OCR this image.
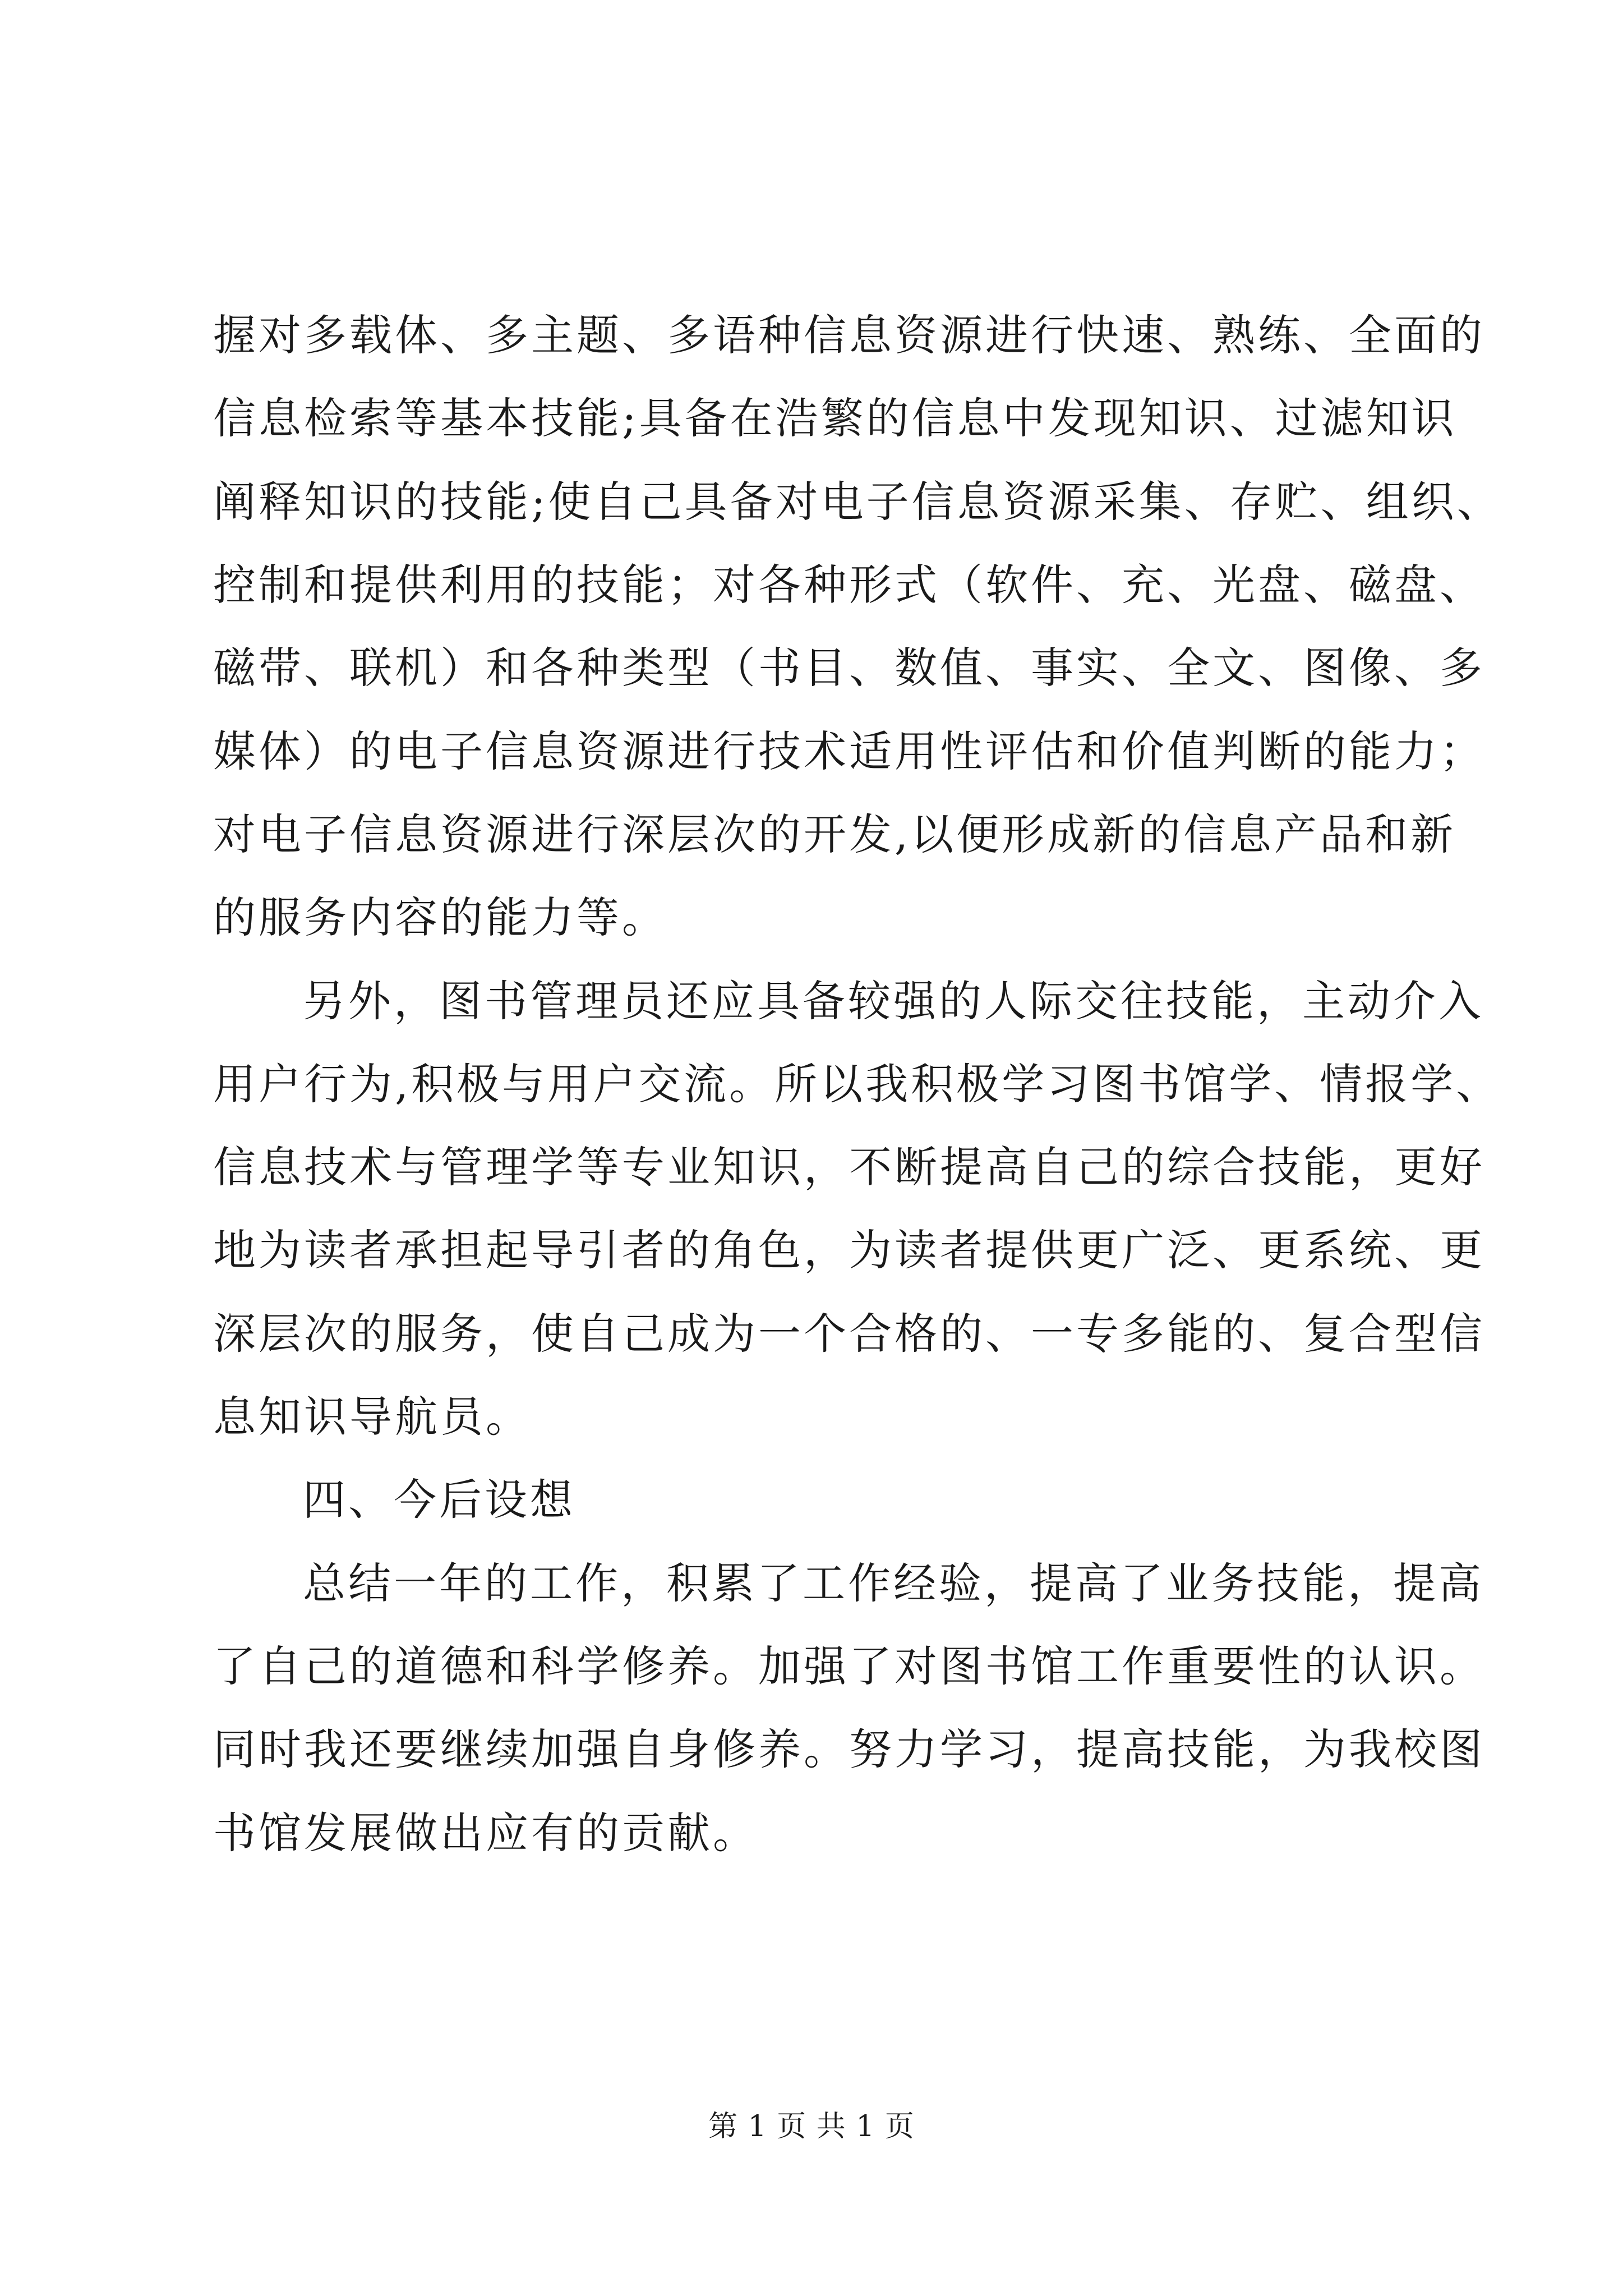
握对多载体、多主题、多语种信息资源进行快速、熟练、全面的
信息检索等基本技能;具备在浩繁的信息中发现知识、过滤知识
阐释知识的技能;使自己具备对电子信息资源采集、存贮、组织、
控制和提供利用的技能；对各种形式（软件、充、光盘、磁盘、
磁带、联机）和各种类型（书目、数值、事实、全文、图像、多
媒体）的电子信息资源进行技术适用性评估和价值判断的能力；
对电子信息资源进行深层次的开发,以便形成新的信息产品和新
的服务内容的能力等。
另外，图书管理员还应具备较强的人际交往技能，主动介入
用户行为,积极与用户交流。所以我积极学习图书馆学、情报学、
信息技术与管理学等专业知识，不断提高自己的综合技能，更好
地为读者承担起导引者的角色，为读者提供更广泛、更系统、更
深层次的服务，使自己成为一个合格的、一专多能的、复合型信
息知识导航员。
四、今后设想
总结一年的工作，积累了工作经验，提高了业务技能，提高
了自己的道德和科学修养。加强了对图书馆工作重要性的认识。
同时我还要继续加强自身修养。努力学习，提高技能，为我校图
书馆发展做出应有的贡献。
第 1 页 共 1 页
